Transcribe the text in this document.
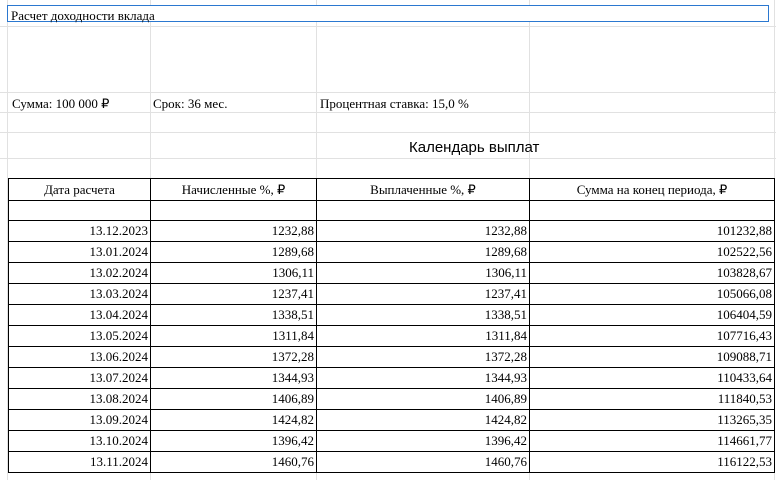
Расчет доходности вклада
Сумма: 100 000 ₽	Срок: 36 мес.	Процентная ставка: 15,0 %
Календарь выплат
Дата расчета	Начисленные %, ₽	Выплаченные %, ₽	Сумма на конец периода, ₽

13.12.2023	1232,88	1232,88	101232,88
13.01.2024	1289,68	1289,68	102522,56
13.02.2024	1306,11	1306,11	103828,67
13.03.2024	1237,41	1237,41	105066,08
13.04.2024	1338,51	1338,51	106404,59
13.05.2024	1311,84	1311,84	107716,43
13.06.2024	1372,28	1372,28	109088,71
13.07.2024	1344,93	1344,93	110433,64
13.08.2024	1406,89	1406,89	111840,53
13.09.2024	1424,82	1424,82	113265,35
13.10.2024	1396,42	1396,42	114661,77
13.11.2024	1460,76	1460,76	116122,53
